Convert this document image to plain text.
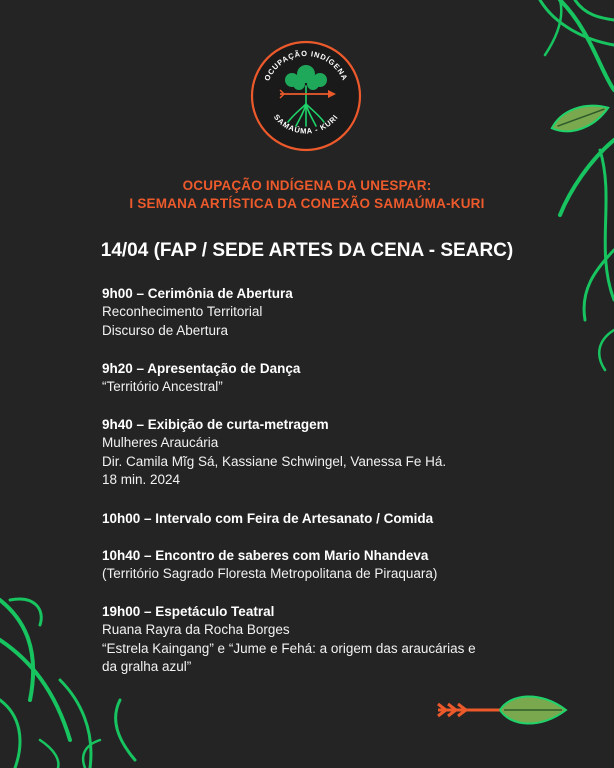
OCUPAÇÃO INDÍGENA
SAMAÚMA - KURI
OCUPAÇÃO INDÍGENA DA UNESPAR:
I SEMANA ARTÍSTICA DA CONEXÃO SAMAÚMA-KURI
14/04 (FAP / SEDE ARTES DA CENA - SEARC)
9h00 – Cerimônia de Abertura
Reconhecimento Territorial
Discurso de Abertura
9h20 – Apresentação de Dança
“Território Ancestral”
9h40 – Exibição de curta-metragem
Mulheres Araucária
Dir. Camila Mĩg Sá, Kassiane Schwingel, Vanessa Fe Há.
18 min. 2024
10h00 – Intervalo com Feira de Artesanato / Comida
10h40 – Encontro de saberes com Mario Nhandeva
(Território Sagrado Floresta Metropolitana de Piraquara)
19h00 – Espetáculo Teatral
Ruana Rayra da Rocha Borges
“Estrela Kaingang” e “Jume e Fehá: a origem das araucárias e
da gralha azul”
